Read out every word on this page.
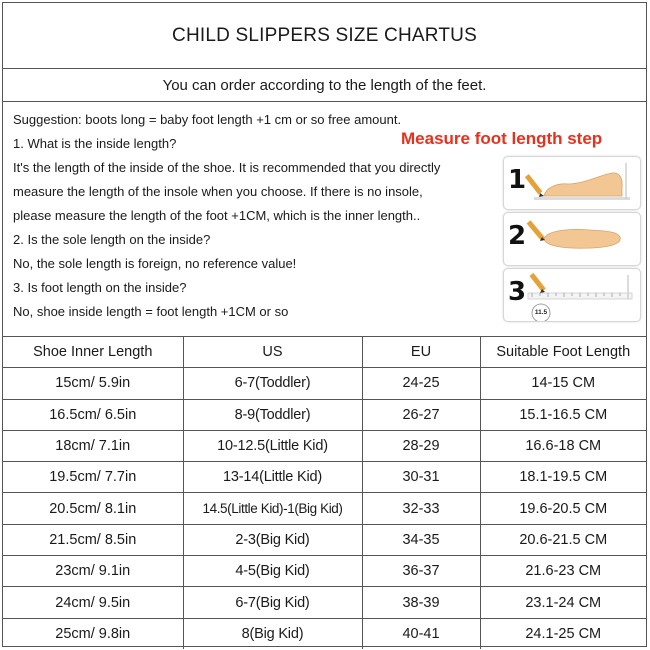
CHILD SLIPPERS SIZE CHARTUS
You can order according to the length of the feet.
Suggestion: boots long = baby foot length +1 cm or so free amount.
1. What is the inside length?
It's the length of the inside of the shoe. It is recommended that you directly
measure the length of the insole when you choose. If there is no insole,
please measure the length of the foot +1CM, which is the inner length..
2. Is the sole length on the inside?
No, the sole length is foreign, no reference value!
3. Is foot length on the inside?
No, shoe inside length = foot length +1CM or so
Measure foot length step
1
2
3
11.5
Shoe Inner Length	US	EU	Suitable Foot Length
15cm/ 5.9in	6-7(Toddler)	24-25	14-15 CM
16.5cm/ 6.5in	8-9(Toddler)	26-27	15.1-16.5 CM
18cm/ 7.1in	10-12.5(Little Kid)	28-29	16.6-18 CM
19.5cm/ 7.7in	13-14(Little Kid)	30-31	18.1-19.5 CM
20.5cm/ 8.1in	14.5(Little Kid)-1(Big Kid)	32-33	19.6-20.5 CM
21.5cm/ 8.5in	2-3(Big Kid)	34-35	20.6-21.5 CM
23cm/ 9.1in	4-5(Big Kid)	36-37	21.6-23 CM
24cm/ 9.5in	6-7(Big Kid)	38-39	23.1-24 CM
25cm/ 9.8in	8(Big Kid)	40-41	24.1-25 CM
